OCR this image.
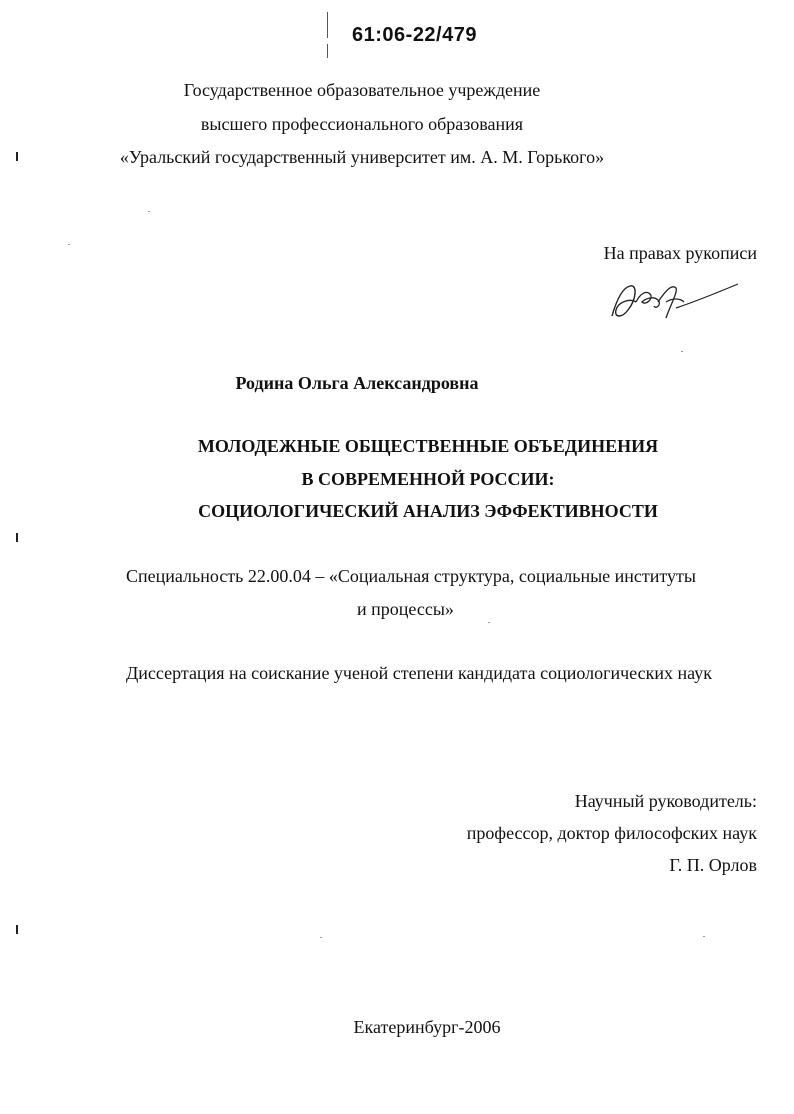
61:06-22/479
Государственное образовательное учреждение
высшего профессионального образования
«Уральский государственный университет им. А. М. Горького»
На правах рукописи
Родина Ольга Александровна
МОЛОДЕЖНЫЕ ОБЩЕСТВЕННЫЕ ОБЪЕДИНЕНИЯ
В СОВРЕМЕННОЙ РОССИИ:
СОЦИОЛОГИЧЕСКИЙ АНАЛИЗ ЭФФЕКТИВНОСТИ
Специальность 22.00.04 – «Социальная структура, социальные институты
и процессы»
Диссертация на соискание ученой степени кандидата социологических наук
Научный руководитель:
профессор, доктор философских наук
Г. П. Орлов
Екатеринбург-2006
